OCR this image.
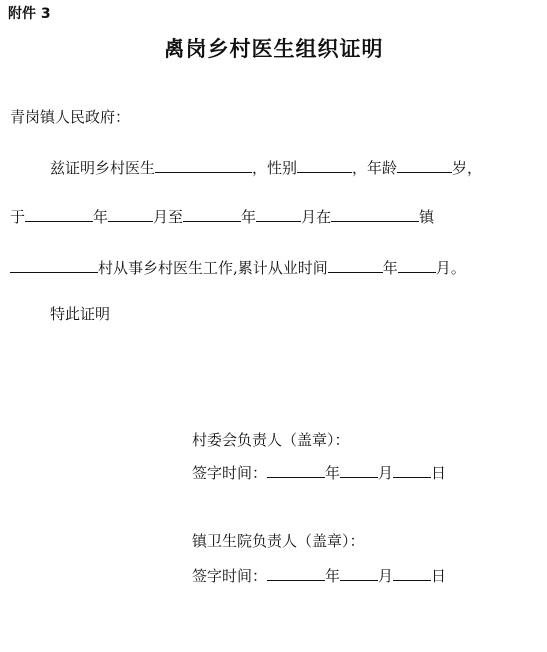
附件 3
禼岗乡村医生组织证明
青岗镇人民政府：
兹证明乡村医生	，性别	，年龄	岁，
于	年	月至	年	月在	镇
村从事乡村医生工作,累计从业时间	年	月。
特此证明
村委会负责人（盖章）：
签字时间：	年	月	日
镇卫生院负责人（盖章）：
签字时间：	年	月	日
